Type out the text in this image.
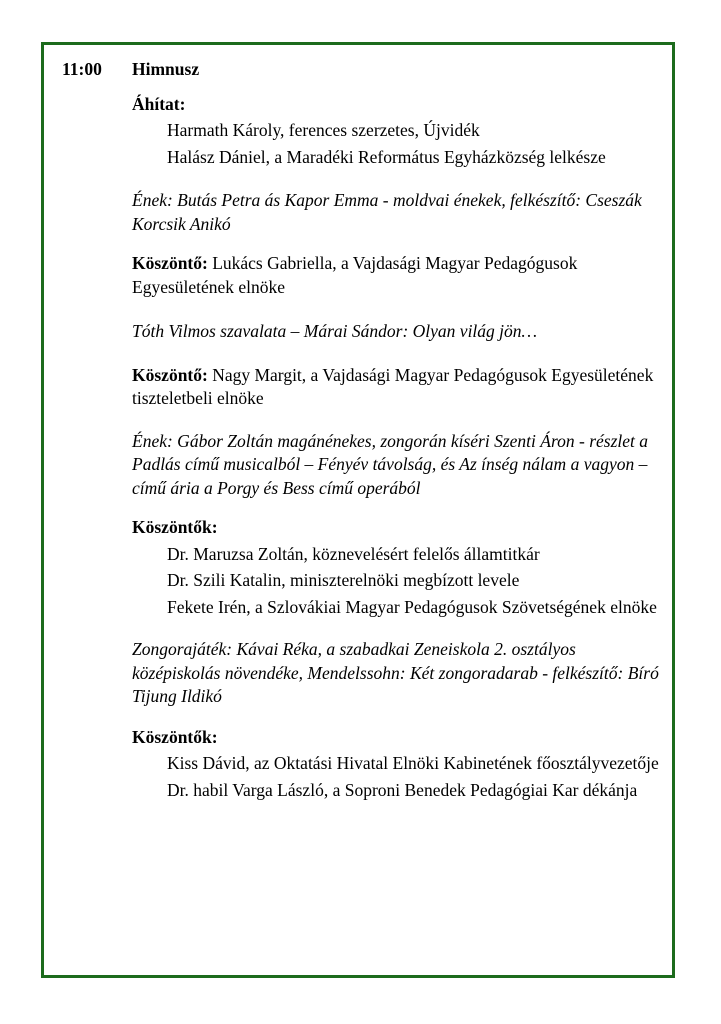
11:00	Himnusz

Áhítat:

Harmath Károly, ferences szerzetes, Újvidék

Halász Dániel, a Maradéki Református Egyházközség lelkésze

Ének: Butás Petra ás Kapor Emma - moldvai énekek, felkészítő: Cseszák Korcsik Anikó

Köszöntő: Lukács Gabriella, a Vajdasági Magyar Pedagógusok Egyesületének elnöke

Tóth Vilmos szavalata – Márai Sándor: Olyan világ jön…

Köszöntő: Nagy Margit, a Vajdasági Magyar Pedagógusok Egyesületének tiszteletbeli elnöke

Ének: Gábor Zoltán magánénekes, zongorán kíséri Szenti Áron - részlet a Padlás című musicalból – Fényév távolság, és Az ínség nálam a vagyon – című ária a Porgy és Bess című operából

Köszöntők:

Dr. Maruzsa Zoltán, köznevelésért felelős államtitkár

Dr. Szili Katalin, miniszterelnöki megbízott levele

Fekete Irén, a Szlovákiai Magyar Pedagógusok Szövetségének elnöke

Zongorajáték: Kávai Réka, a szabadkai Zeneiskola 2. osztályos középiskolás növendéke, Mendelssohn: Két zongoradarab - felkészítő: Bíró Tijung Ildikó

Köszöntők:

Kiss Dávid, az Oktatási Hivatal Elnöki Kabinetének főosztályvezetője

Dr. habil Varga László, a Soproni Benedek Pedagógiai Kar dékánja
